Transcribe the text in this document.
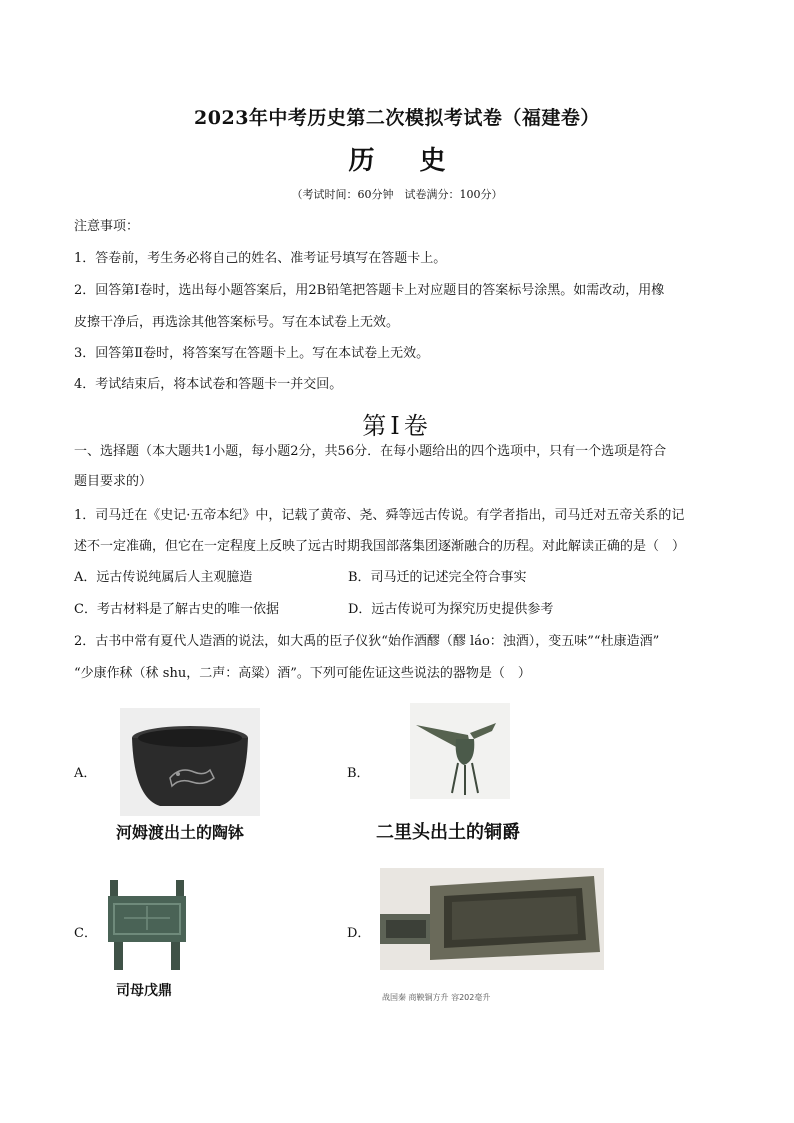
2023年中考历史第二次模拟考试卷（福建卷）
历 史
（考试时间：60分钟　试卷满分：100分）
注意事项：
1．答卷前，考生务必将自己的姓名、准考证号填写在答题卡上。
2．回答第Ⅰ卷时，选出每小题答案后，用2B铅笔把答题卡上对应题目的答案标号涂黑。如需改动，用橡
皮擦干净后，再选涂其他答案标号。写在本试卷上无效。
3．回答第Ⅱ卷时，将答案写在答题卡上。写在本试卷上无效。
4．考试结束后，将本试卷和答题卡一并交回。
第Ⅰ卷
一、选择题（本大题共1小题，每小题2分，共56分．在每小题给出的四个选项中，只有一个选项是符合
题目要求的）
1．司马迁在《史记·五帝本纪》中，记载了黄帝、尧、舜等远古传说。有学者指出，司马迁对五帝关系的记
述不一定准确，但它在一定程度上反映了远古时期我国部落集团逐渐融合的历程。对此解读正确的是（　）
A．远古传说纯属后人主观臆造	B．司马迁的记述完全符合事实
C．考古材料是了解古史的唯一依据	D．远古传说可为探究历史提供参考
2．古书中常有夏代人造酒的说法，如大禹的臣子仪狄“始作酒醪（醪 láo：浊酒），变五味”“杜康造酒”
“少康作秫（秫 shu，二声：高粱）酒”。下列可能佐证这些说法的器物是（　）
A．
河姆渡出土的陶钵
B．
二里头出土的铜爵
C．
司母戊鼎
D．
战国秦 商鞅铜方升 容202毫升
